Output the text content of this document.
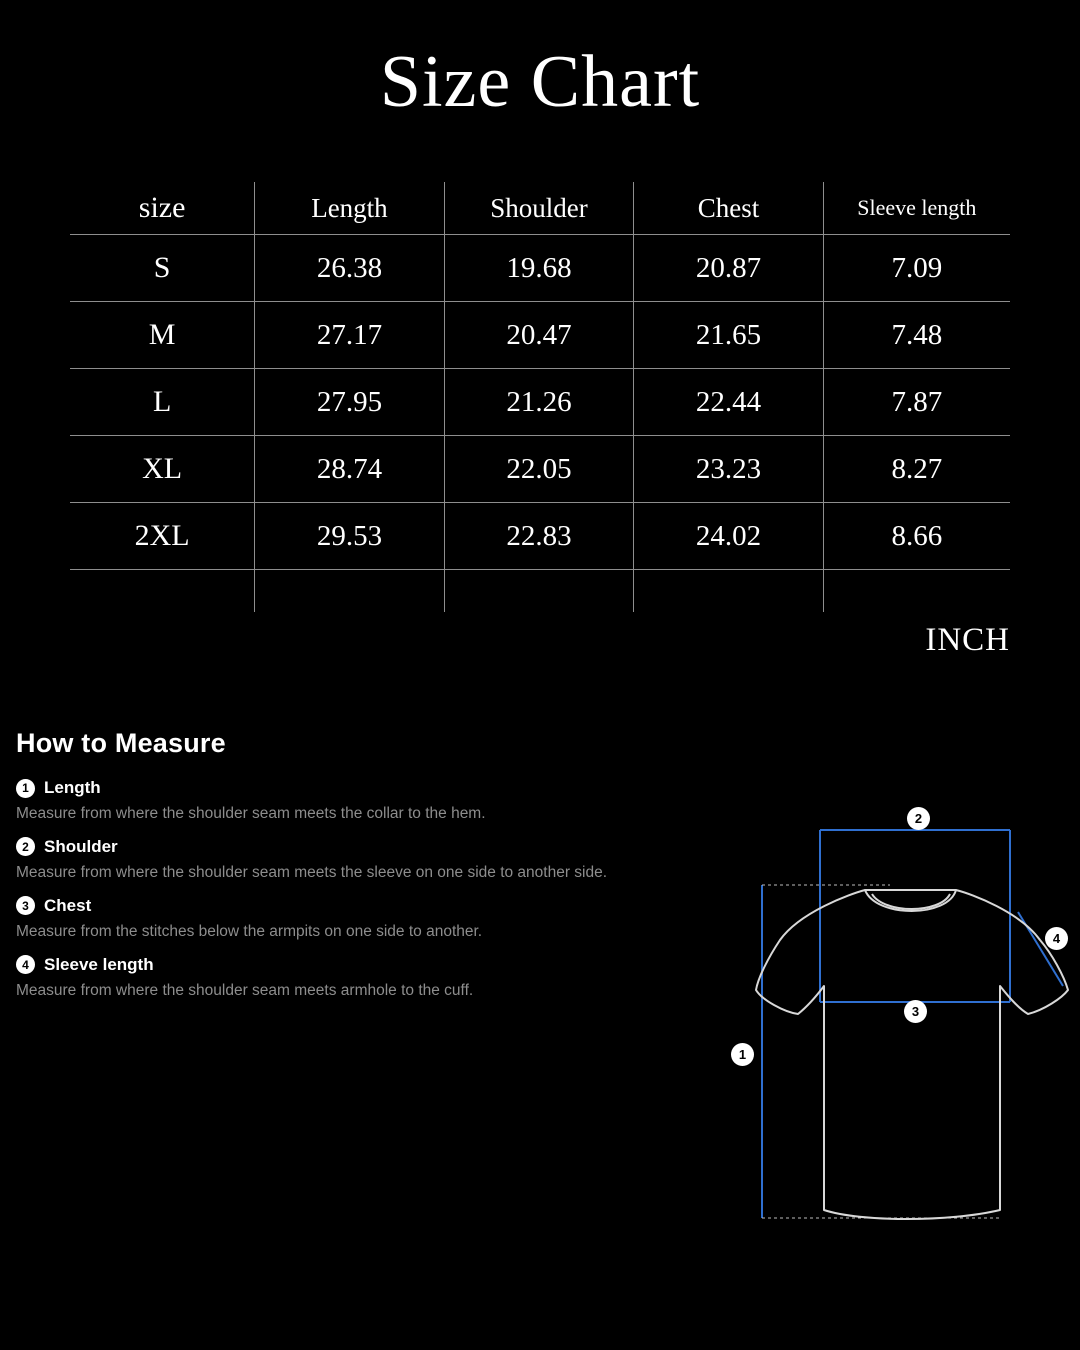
Size Chart
size	Length	Shoulder	Chest	Sleeve length
S	26.38	19.68	20.87	7.09
M	27.17	20.47	21.65	7.48
L	27.95	21.26	22.44	7.87
XL	28.74	22.05	23.23	8.27
2XL	29.53	22.83	24.02	8.66

INCH
How to Measure
1 Length
Measure from where the shoulder seam meets the collar to the hem.
2 Shoulder
Measure from where the shoulder seam meets the sleeve on one side to another side.
3 Chest
Measure from the stitches below the armpits on one side to another.
4 Sleeve length
Measure from where the shoulder seam meets armhole to the cuff.
1
2
3
4
